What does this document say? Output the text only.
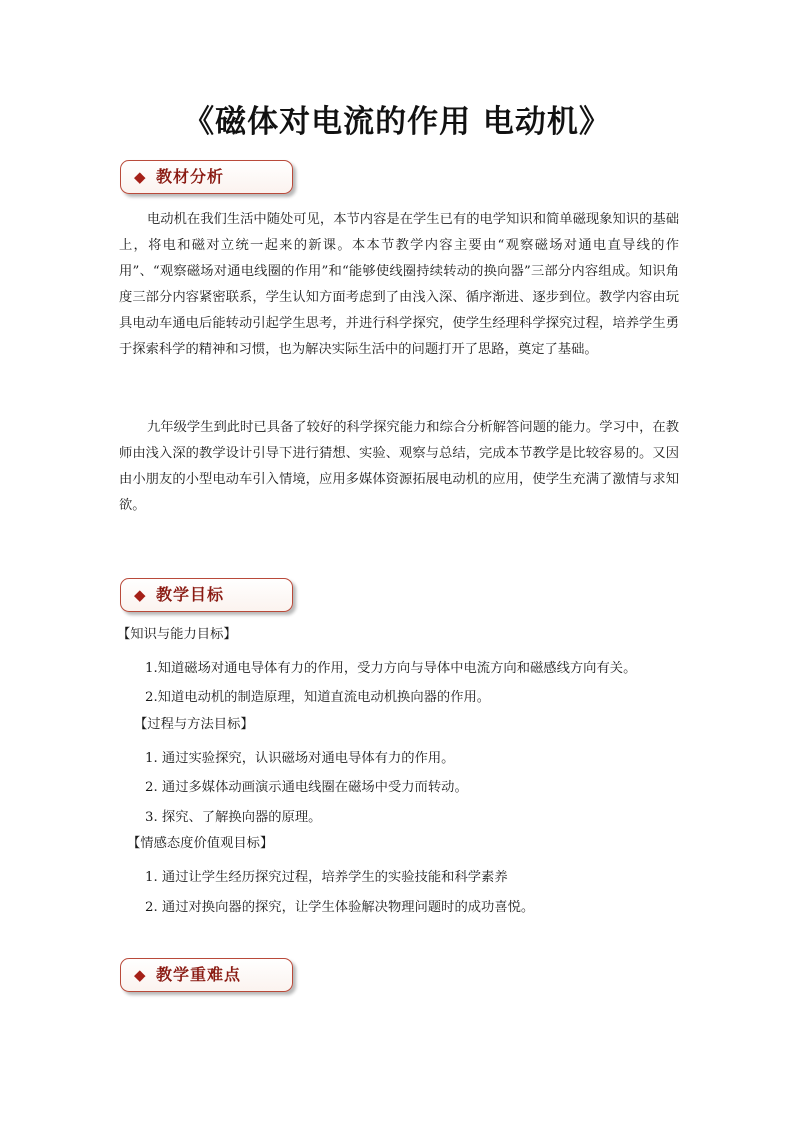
《磁体对电流的作用 电动机》
◆ 教材分析

电动机在我们生活中随处可见，本节内容是在学生已有的电学知识和简单磁现象知识的基础上，将电和磁对立统一起来的新课。本本节教学内容主要由“观察磁场对通电直导线的作用”、“观察磁场对通电线圈的作用”和“能够使线圈持续转动的换向器”三部分内容组成。知识角度三部分内容紧密联系，学生认知方面考虑到了由浅入深、循序渐进、逐步到位。教学内容由玩具电动车通电后能转动引起学生思考，并进行科学探究，使学生经理科学探究过程，培养学生勇于探索科学的精神和习惯，也为解决实际生活中的问题打开了思路，奠定了基础。

九年级学生到此时已具备了较好的科学探究能力和综合分析解答问题的能力。学习中，在教师由浅入深的教学设计引导下进行猜想、实验、观察与总结，完成本节教学是比较容易的。又因由小朋友的小型电动车引入情境，应用多媒体资源拓展电动机的应用，使学生充满了激情与求知欲。

◆ 教学目标
【知识与能力目标】
1.知道磁场对通电导体有力的作用，受力方向与导体中电流方向和磁感线方向有关。
2.知道电动机的制造原理，知道直流电动机换向器的作用。
【过程与方法目标】
1. 通过实验探究，认识磁场对通电导体有力的作用。
2. 通过多媒体动画演示通电线圈在磁场中受力而转动。
3. 探究、了解换向器的原理。
【情感态度价值观目标】
1. 通过让学生经历探究过程，培养学生的实验技能和科学素养
2. 通过对换向器的探究，让学生体验解决物理问题时的成功喜悦。
◆ 教学重难点
